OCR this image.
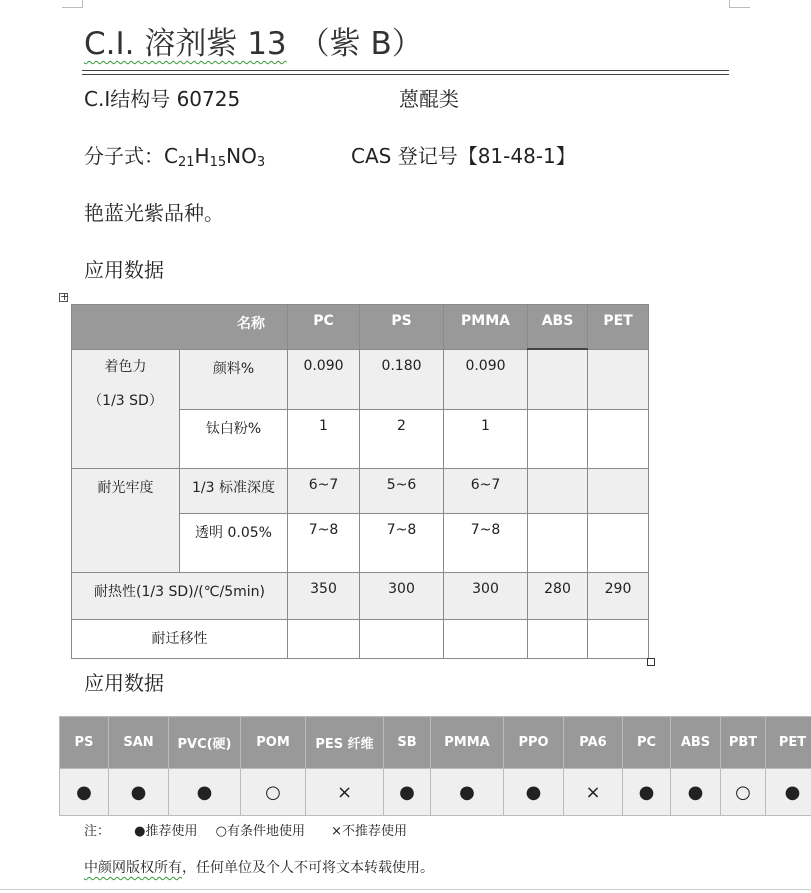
C.I. 溶剂紫 13 （紫 B）
C.I结构号 60725	蒽醌类
分子式：$C_{21}H_{15}NO_3$	CAS 登记号【81-48-1】
艳蓝光紫品种。
应用数据
+
名称		PC	PS	PMMA	ABS	PET

着色力
（1/3 SD）	颜料%	0.090	0.180	0.090		
	钛白粉%	1	2	1		
耐光牢度	1/3 标准深度	6~7	5~6	6~7		
	透明 0.05%	7~8	7~8	7~8		
耐热性(1/3 SD)/(℃/5min)		350	300	300	280	290
耐迁移性						
应用数据
PS	SAN	PVC(硬)	POM	PES 纤维	SB	PMMA	PPO	PA6	PC	ABS	PBT	PET
●	●	●	○	×	●	●	●	×	●	●	○	●
注： ●推荐使用 ○有条件地使用 ×不推荐使用
中颜网版权所有，任何单位及个人不可将文本转载使用。
